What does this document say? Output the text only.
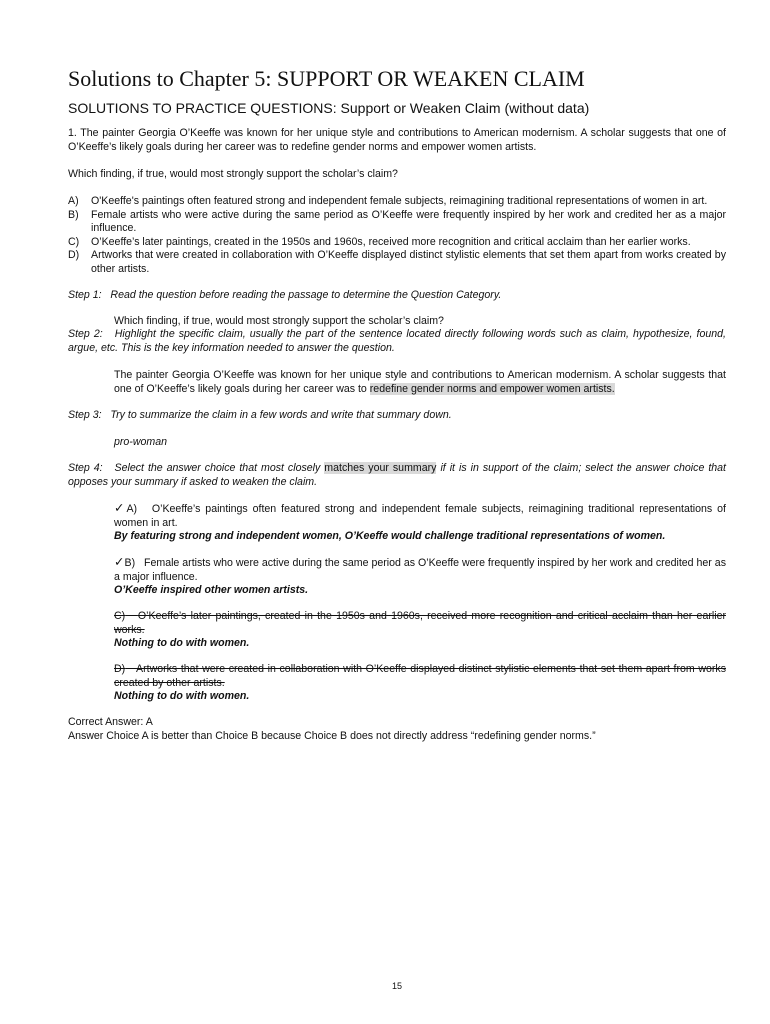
Solutions to Chapter 5: SUPPORT OR WEAKEN CLAIM
SOLUTIONS TO PRACTICE QUESTIONS: Support or Weaken Claim (without data)
1. The painter Georgia O’Keeffe was known for her unique style and contributions to American modernism. A scholar suggests that one of O’Keeffe’s likely goals during her career was to redefine gender norms and empower women artists.
Which finding, if true, would most strongly support the scholar’s claim?
A)	O'Keeffe's paintings often featured strong and independent female subjects, reimagining traditional representations of women in art.
B)	Female artists who were active during the same period as O’Keeffe were frequently inspired by her work and credited her as a major influence.
C)	O’Keeffe’s later paintings, created in the 1950s and 1960s, received more recognition and critical acclaim than her earlier works.
D)	Artworks that were created in collaboration with O’Keeffe displayed distinct stylistic elements that set them apart from works created by other artists.
Step 1: Read the question before reading the passage to determine the Question Category.
Which finding, if true, would most strongly support the scholar’s claim?
Step 2: Highlight the specific claim, usually the part of the sentence located directly following words such as claim, hypothesize, found, argue, etc. This is the key information needed to answer the question.
The painter Georgia O’Keeffe was known for her unique style and contributions to American modernism. A scholar suggests that one of O’Keeffe’s likely goals during her career was to redefine gender norms and empower women artists.
Step 3: Try to summarize the claim in a few words and write that summary down.
pro-woman
Step 4: Select the answer choice that most closely matches your summary if it is in support of the claim; select the answer choice that opposes your summary if asked to weaken the claim.
✓A) O’Keeffe’s paintings often featured strong and independent female subjects, reimagining traditional representations of women in art.
By featuring strong and independent women, O’Keeffe would challenge traditional representations of women.
✓B) Female artists who were active during the same period as O’Keeffe were frequently inspired by her work and credited her as a major influence.
O’Keeffe inspired other women artists.
C) O’Keeffe’s later paintings, created in the 1950s and 1960s, received more recognition and critical acclaim than her earlier works.
Nothing to do with women.
D) Artworks that were created in collaboration with O’Keeffe displayed distinct stylistic elements that set them apart from works created by other artists.
Nothing to do with women.
Correct Answer: A
Answer Choice A is better than Choice B because Choice B does not directly address “redefining gender norms.”
15
